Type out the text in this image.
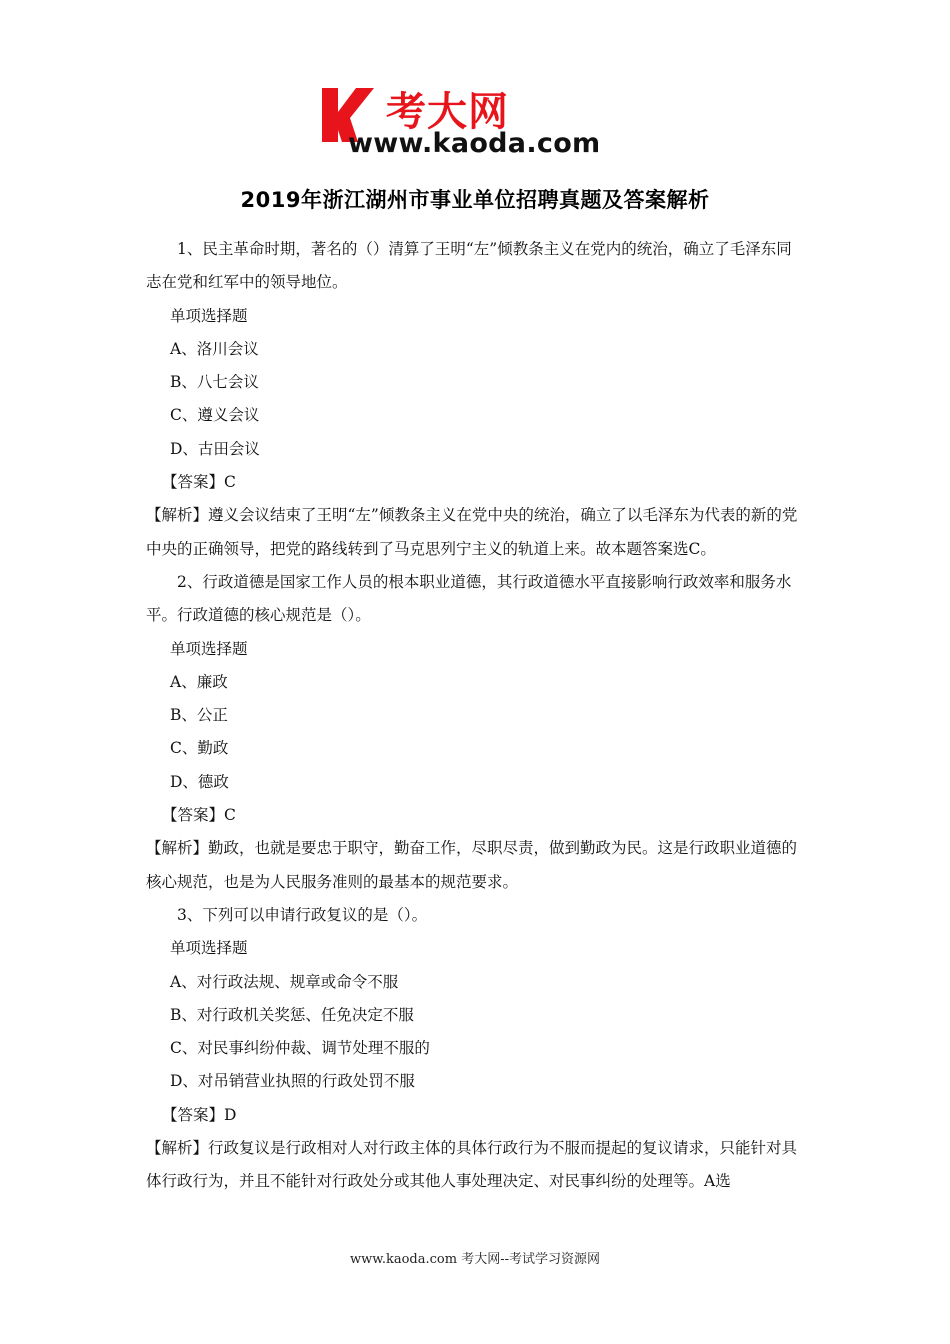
考大网
www.kaoda.com
2019年浙江湖州市事业单位招聘真题及答案解析

1、民主革命时期，著名的（）清算了王明“左”倾教条主义在党内的统治，确立了毛泽东同志在党和红军中的领导地位。

单项选择题

A、洛川会议

B、八七会议

C、遵义会议

D、古田会议

【答案】C

【解析】遵义会议结束了王明“左”倾教条主义在党中央的统治，确立了以毛泽东为代表的新的党中央的正确领导，把党的路线转到了马克思列宁主义的轨道上来。故本题答案选C。

2、行政道德是国家工作人员的根本职业道德，其行政道德水平直接影响行政效率和服务水平。行政道德的核心规范是（）。

单项选择题

A、廉政

B、公正

C、勤政

D、德政

【答案】C

【解析】勤政，也就是要忠于职守，勤奋工作，尽职尽责，做到勤政为民。这是行政职业道德的核心规范，也是为人民服务准则的最基本的规范要求。

3、下列可以申请行政复议的是（）。

单项选择题

A、对行政法规、规章或命令不服

B、对行政机关奖惩、任免决定不服

C、对民事纠纷仲裁、调节处理不服的

D、对吊销营业执照的行政处罚不服

【答案】D

【解析】行政复议是行政相对人对行政主体的具体行政行为不服而提起的复议请求，只能针对具体行政行为，并且不能针对行政处分或其他人事处理决定、对民事纠纷的处理等。A选

www.kaoda.com 考大网--考试学习资源网
